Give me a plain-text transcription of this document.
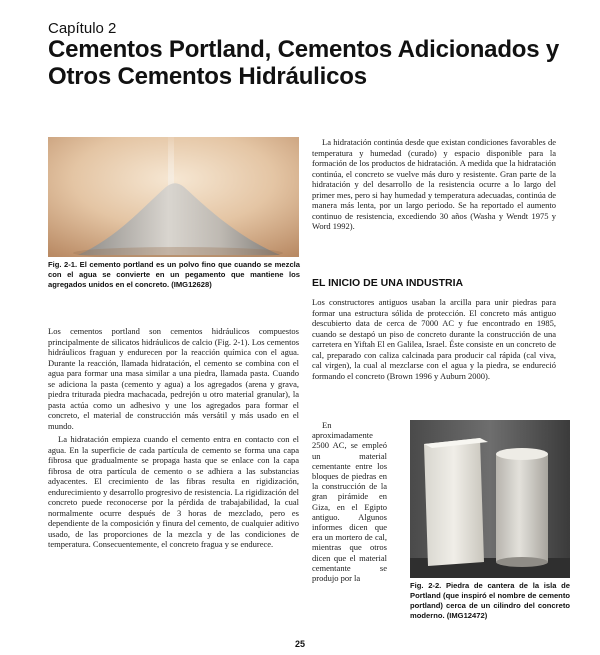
Capítulo 2
Cementos Portland, Cementos Adicionados y Otros Cementos Hidráulicos
Fig. 2-1. El cemento portland es un polvo fino que cuando se mezcla con el agua se convierte en un pegamento que mantiene los agregados unidos en el concreto. (IMG12628)

Los cementos portland son cementos hidráulicos compuestos principalmente de silicatos hidráulicos de calcio (Fig. 2-1). Los cementos hidráulicos fraguan y endurecen por la reacción química con el agua. Durante la reacción, llamada hidratación, el cemento se combina con el agua para formar una masa similar a una piedra, llamada pasta. Cuando se adiciona la pasta (cemento y agua) a los agregados (arena y grava, piedra triturada piedra machacada, pedrejón u otro material granular), la pasta actúa como un adhesivo y une los agregados para formar el concreto, el material de construcción más versátil y más usado en el mundo.

La hidratación empieza cuando el cemento entra en contacto con el agua. En la superficie de cada partícula de cemento se forma una capa fibrosa que gradualmente se propaga hasta que se enlace con la capa fibrosa de otra partícula de cemento o se adhiera a las substancias adyacentes. El crecimiento de las fibras resulta en rigidización, endurecimiento y desarrollo progresivo de resistencia. La rigidización del concreto puede reconocerse por la pérdida de trabajabilidad, la cual normalmente ocurre después de 3 horas de mezclado, pero es dependiente de la composición y finura del cemento, de cualquier aditivo usado, de las proporciones de la mezcla y de las condiciones de temperatura. Consecuentemente, el concreto fragua y se endurece.

La hidratación continúa desde que existan condiciones favorables de temperatura y humedad (curado) y espacio disponible para la formación de los productos de hidratación. A medida que la hidratación continúa, el concreto se vuelve más duro y resistente. Gran parte de la hidratación y del desarrollo de la resistencia ocurre a lo largo del primer mes, pero si hay humedad y temperatura adecuadas, continúa de manera más lenta, por un largo periodo. Se ha reportado el aumento continuo de resistencia, excediendo 30 años (Washa y Wendt 1975 y Word 1992).

EL INICIO DE UNA INDUSTRIA

Los constructores antiguos usaban la arcilla para unir piedras para formar una estructura sólida de protección. El concreto más antiguo descubierto data de cerca de 7000 AC y fue encontrado en 1985, cuando se destapó un piso de concreto durante la construcción de una carretera en Yiftah El en Galilea, Israel. Éste consiste en un concreto de cal, preparado con caliza calcinada para producir cal rápida (cal viva, cal virgen), la cual al mezclarse con el agua y la piedra, se endureció formando el concreto (Brown 1996 y Auburn 2000).

En aproximadamente 2500 AC, se empleó un material cementante entre los bloques de piedras en la construcción de la gran pirámide en Giza, en el Egipto antiguo. Algunos informes dicen que era un mortero de cal, mientras que otros dicen que el material cementante se produjo por la

Fig. 2-2. Piedra de cantera de la isla de Portland (que inspiró el nombre de cemento portland) cerca de un cilindro del concreto moderno. (IMG12472)
25
